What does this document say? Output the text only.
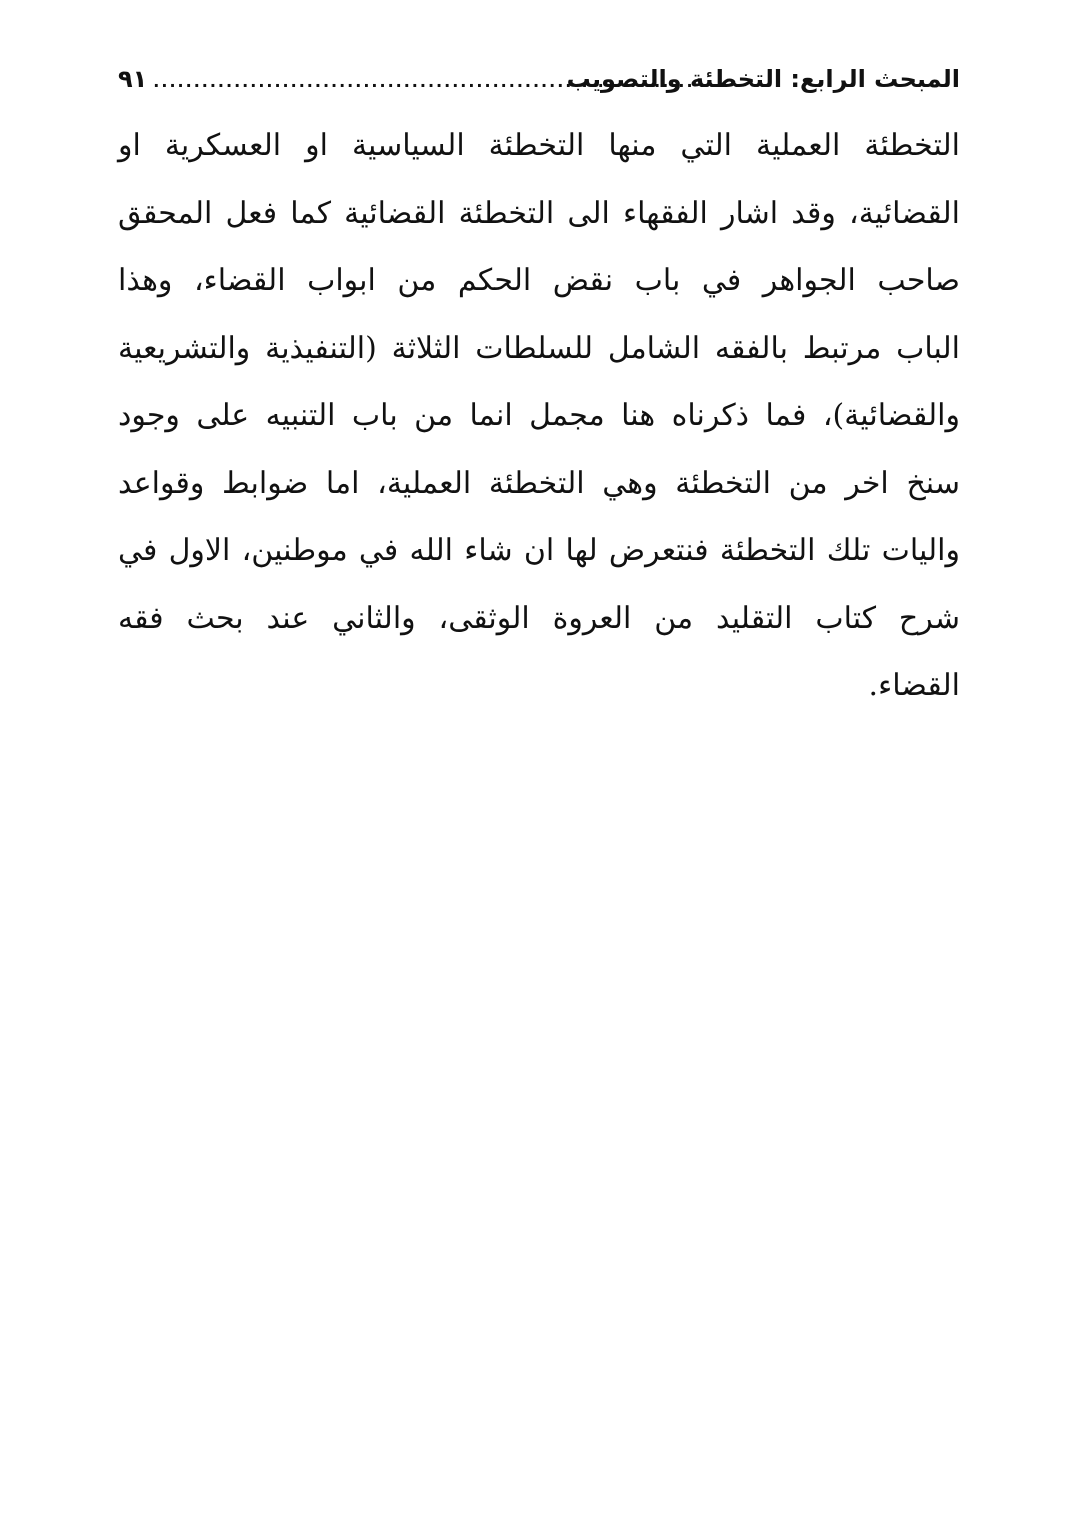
المبحث الرابع: التخطئة والتصويب
...................................................................
٩١
التخطئة العملية التي منها التخطئة السياسية او العسكرية او
القضائية، وقد اشار الفقهاء الى التخطئة القضائية كما فعل المحقق
صاحب الجواهر في باب نقض الحكم من ابواب القضاء، وهذا
الباب مرتبط بالفقه الشامل للسلطات الثلاثة (التنفيذية والتشريعية
والقضائية)، فما ذكرناه هنا مجمل انما من باب التنبيه على وجود
سنخ اخر من التخطئة وهي التخطئة العملية، اما ضوابط وقواعد
واليات تلك التخطئة فنتعرض لها ان شاء الله في موطنين، الاول في
شرح كتاب التقليد من العروة الوثقى، والثاني عند بحث فقه
القضاء.
